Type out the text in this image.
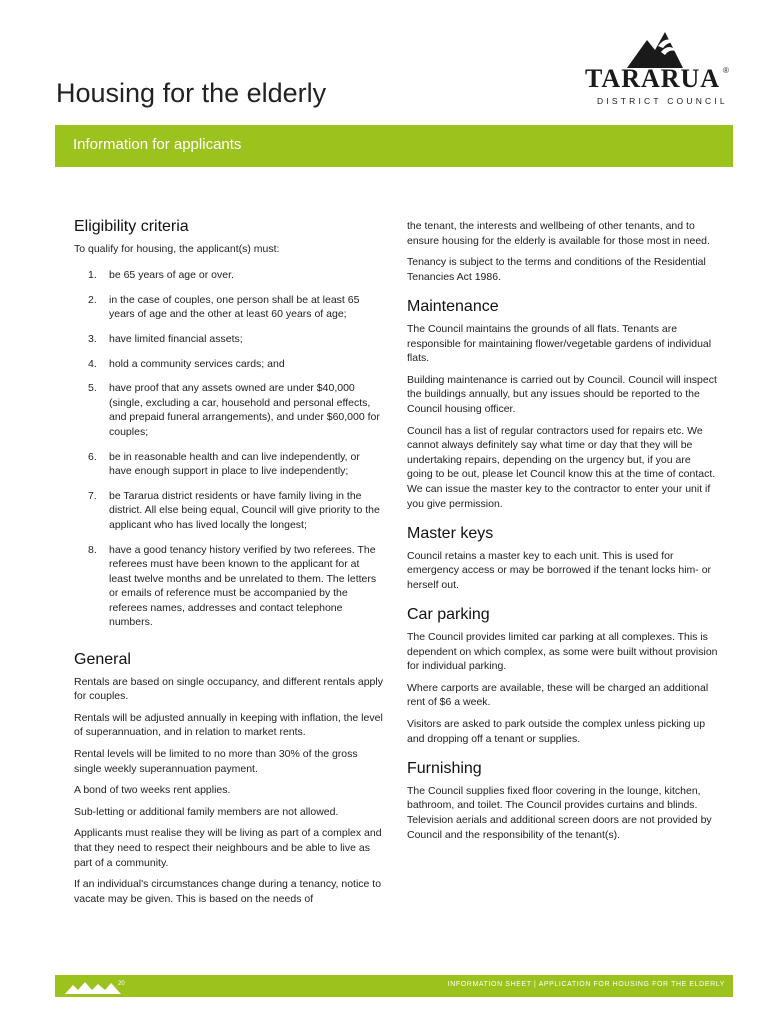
Housing for the elderly	TARARUA ®
DISTRICT COUNCIL
Information for applicants
Eligibility criteria

To qualify for housing, the applicant(s) must:

1. be 65 years of age or over.
2. in the case of couples, one person shall be at least 65 years of age and the other at least 60 years of age;
3. have limited financial assets;
4. hold a community services cards; and
5. have proof that any assets owned are under $40,000 (single, excluding a car, household and personal effects, and prepaid funeral arrangements), and under $60,000 for couples;
6. be in reasonable health and can live independently, or have enough support in place to live independently;
7. be Tararua district residents or have family living in the district. All else being equal, Council will give priority to the applicant who has lived locally the longest;
8. have a good tenancy history verified by two referees. The referees must have been known to the applicant for at least twelve months and be unrelated to them. The letters or emails of reference must be accompanied by the referees names, addresses and contact telephone numbers.
General

Rentals are based on single occupancy, and different rentals apply for couples.

Rentals will be adjusted annually in keeping with inflation, the level of superannuation, and in relation to market rents.

Rental levels will be limited to no more than 30% of the gross single weekly superannuation payment.

A bond of two weeks rent applies.

Sub-letting or additional family members are not allowed.

Applicants must realise they will be living as part of a complex and that they need to respect their neighbours and be able to live as part of a community.

If an individual's circumstances change during a tenancy, notice to vacate may be given. This is based on the needs of

the tenant, the interests and wellbeing of other tenants, and to ensure housing for the elderly is available for those most in need.

Tenancy is subject to the terms and conditions of the Residential Tenancies Act 1986.

Maintenance

The Council maintains the grounds of all flats. Tenants are responsible for maintaining flower/vegetable gardens of individual flats.

Building maintenance is carried out by Council. Council will inspect the buildings annually, but any issues should be reported to the Council housing officer.

Council has a list of regular contractors used for repairs etc. We cannot always definitely say what time or day that they will be undertaking repairs, depending on the urgency but, if you are going to be out, please let Council know this at the time of contact. We can issue the master key to the contractor to enter your unit if you give permission.

Master keys

Council retains a master key to each unit. This is used for emergency access or may be borrowed if the tenant locks him- or herself out.

Car parking

The Council provides limited car parking at all complexes. This is dependent on which complex, as some were built without provision for individual parking.

Where carports are available, these will be charged an additional rent of $6 a week.

Visitors are asked to park outside the complex unless picking up and dropping off a tenant or supplies.

Furnishing

The Council supplies fixed floor covering in the lounge, kitchen, bathroom, and toilet. The Council provides curtains and blinds. Television aerials and additional screen doors are not provided by Council and the responsibility of the tenant(s).

20	INFORMATION SHEET | APPLICATION FOR HOUSING FOR THE ELDERLY
